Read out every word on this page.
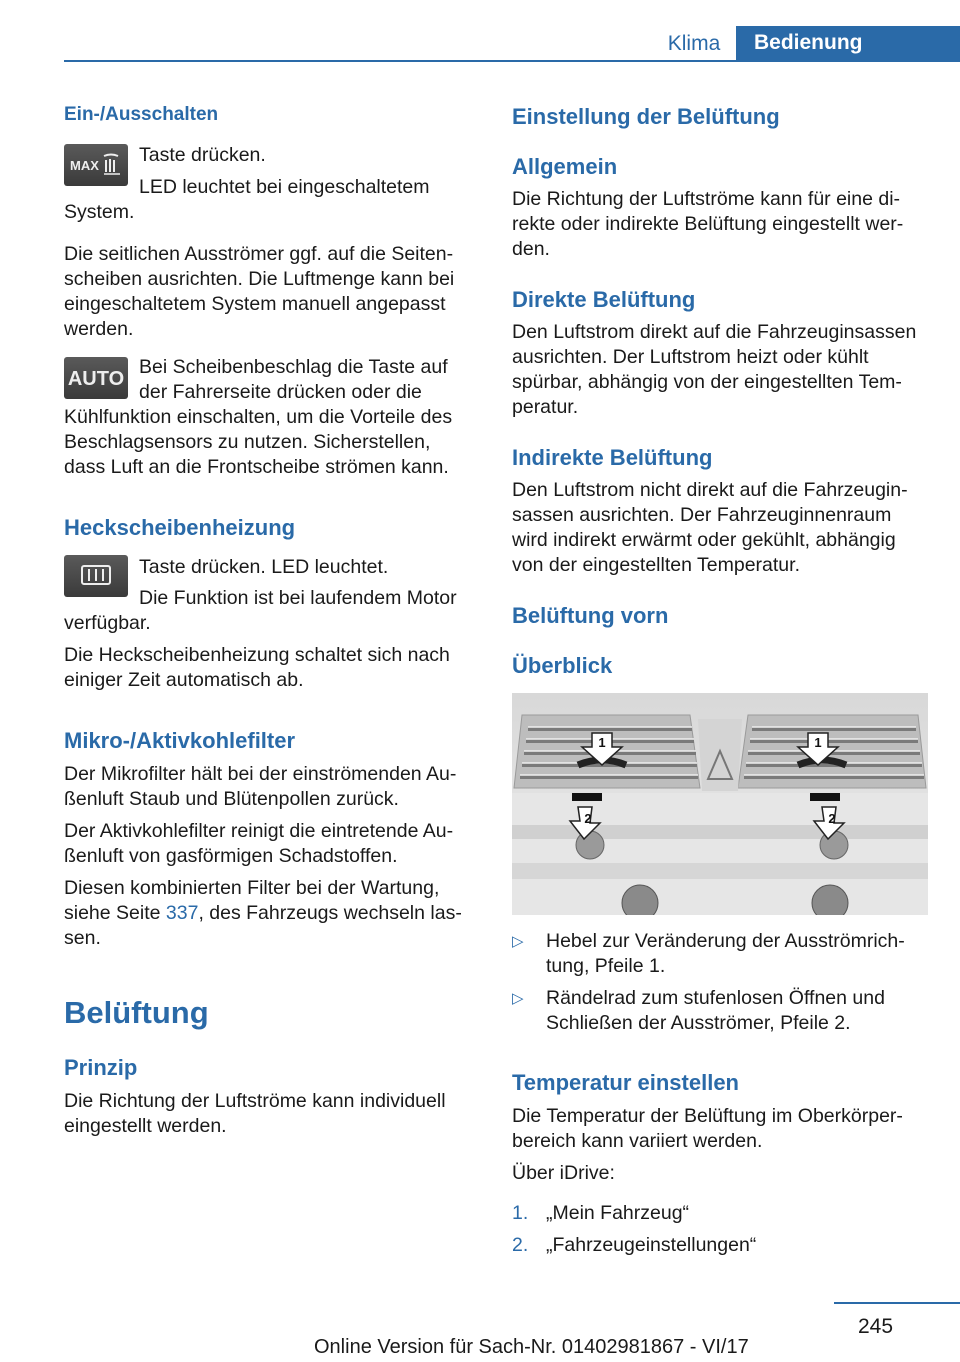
Klima	Bedienung
Ein-/Ausschalten
MAX Taste drücken.

LED leuchtet bei eingeschaltetem

System.

Die seitlichen Ausströmer ggf. auf die Seiten-

scheiben ausrichten. Die Luftmenge kann bei

eingeschaltetem System manuell angepasst

werden.

AUTO

Bei Scheibenbeschlag die Taste auf

der Fahrerseite drücken oder die

Kühlfunktion einschalten, um die Vorteile des

Beschlagsensors zu nutzen. Sicherstellen,

dass Luft an die Frontscheibe strömen kann.

Heckscheibenheizung

Taste drücken. LED leuchtet.

Die Funktion ist bei laufendem Motor

verfügbar.

Die Heckscheibenheizung schaltet sich nach

einiger Zeit automatisch ab.

Mikro-/Aktivkohlefilter

Der Mikrofilter hält bei der einströmenden Au-

ßenluft Staub und Blütenpollen zurück.

Der Aktivkohlefilter reinigt die eintretende Au-

ßenluft von gasförmigen Schadstoffen.

Diesen kombinierten Filter bei der Wartung,

siehe Seite 337, des Fahrzeugs wechseln las-

sen.

Belüftung
Prinzip

Die Richtung der Luftströme kann individuell

eingestellt werden.

Einstellung der Belüftung
Allgemein

Die Richtung der Luftströme kann für eine di-

rekte oder indirekte Belüftung eingestellt wer-

den.

Direkte Belüftung

Den Luftstrom direkt auf die Fahrzeuginsassen

ausrichten. Der Luftstrom heizt oder kühlt

spürbar, abhängig von der eingestellten Tem-

peratur.

Indirekte Belüftung

Den Luftstrom nicht direkt auf die Fahrzeugin-

sassen ausrichten. Der Fahrzeuginnenraum

wird indirekt erwärmt oder gekühlt, abhängig

von der eingestellten Temperatur.

Belüftung vorn
Überblick
1	1
2	2
▷ Hebel zur Veränderung der Ausströmrich-
tung, Pfeile 1.
▷ Rändelrad zum stufenlosen Öffnen und
Schließen der Ausströmer, Pfeile 2.
Temperatur einstellen

Die Temperatur der Belüftung im Oberkörper-

bereich kann variiert werden.

Über iDrive:

1. „Mein Fahrzeug“
2. „Fahrzeugeinstellungen“
245
Online Version für Sach-Nr. 01402981867 - VI/17
